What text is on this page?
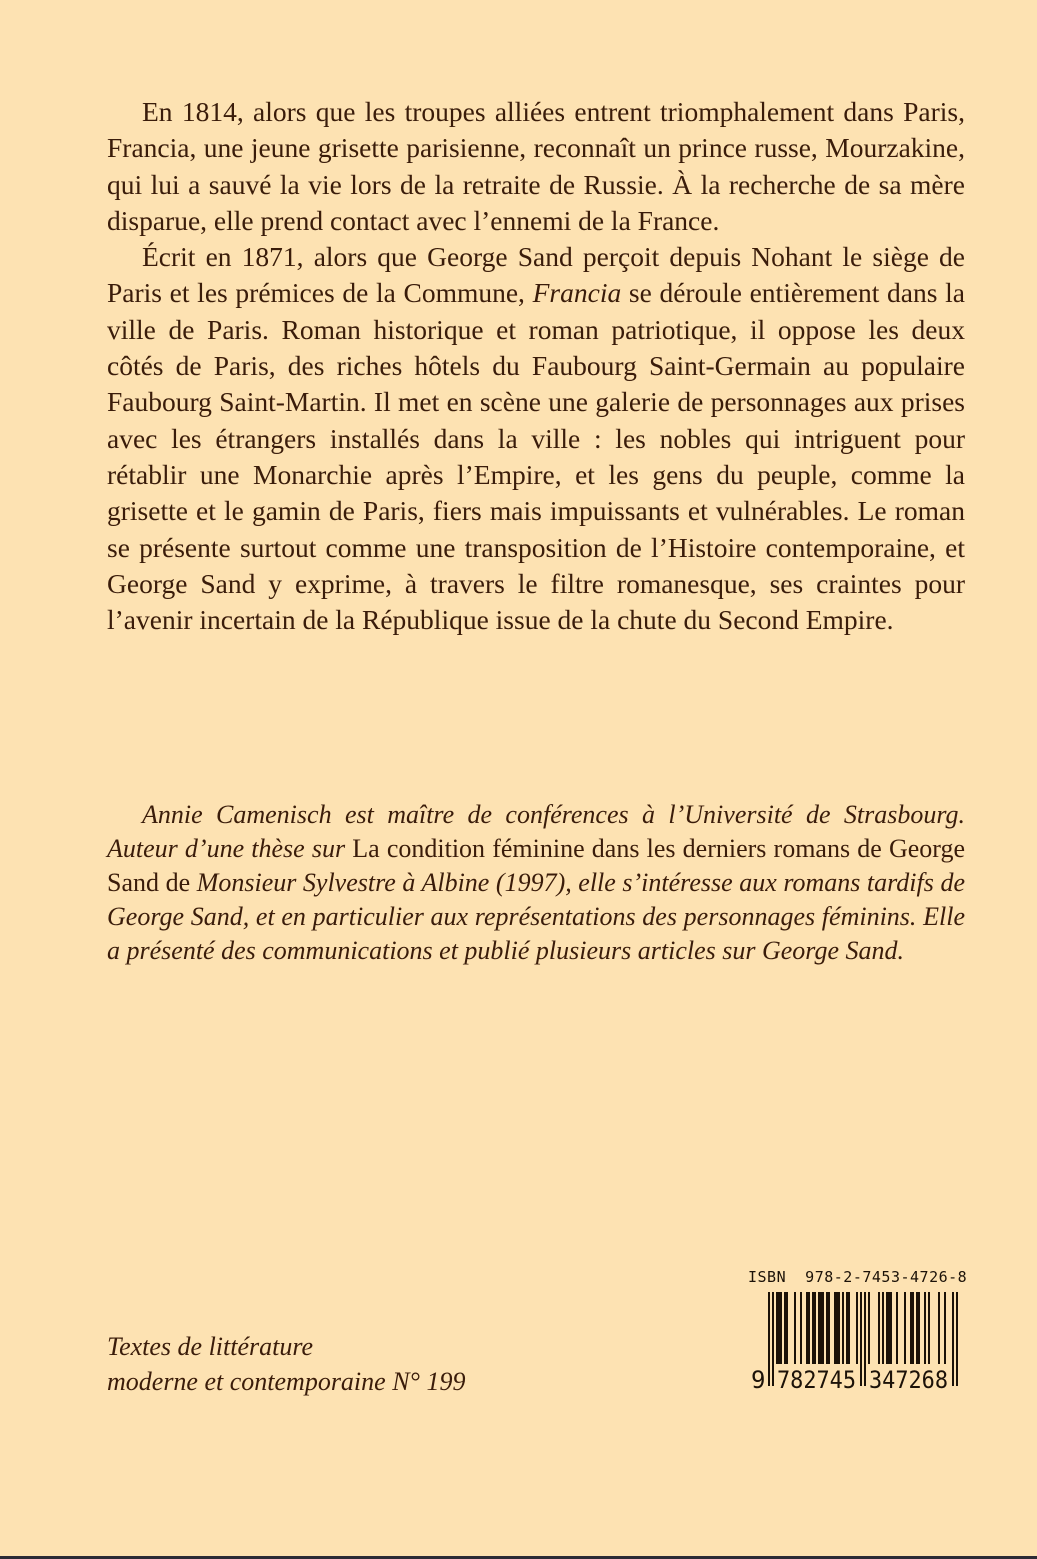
En 1814, alors que les troupes alliées entrent triomphalement dans Paris, Francia, une jeune grisette parisienne, reconnaît un prince russe, Mourzakine, qui lui a sauvé la vie lors de la retraite de Russie. À la recherche de sa mère disparue, elle prend contact avec l’ennemi de la France.

Écrit en 1871, alors que George Sand perçoit depuis Nohant le siège de Paris et les prémices de la Commune, Francia se déroule entièrement dans la ville de Paris. Roman historique et roman patriotique, il oppose les deux côtés de Paris, des riches hôtels du Faubourg Saint-Germain au populaire Faubourg Saint-Martin. Il met en scène une galerie de personnages aux prises avec les étrangers installés dans la ville : les nobles qui intriguent pour rétablir une Monarchie après l’Empire, et les gens du peuple, comme la grisette et le gamin de Paris, fiers mais impuissants et vulnérables. Le roman se présente surtout comme une transposition de l’Histoire contemporaine, et George Sand y exprime, à travers le filtre romanesque, ses craintes pour l’avenir incertain de la République issue de la chute du Second Empire.

Annie Camenisch est maître de conférences à l’Université de Strasbourg. Auteur d’une thèse sur La condition féminine dans les derniers romans de George Sand de Monsieur Sylvestre à Albine (1997), elle s’intéresse aux romans tardifs de George Sand, et en particulier aux représentations des personnages féminins. Elle a présenté des communications et publié plusieurs articles sur George Sand.
Textes de littérature
moderne et contemporaine N° 199
ISBN  978-2-7453-4726-8
9 782745 347268
